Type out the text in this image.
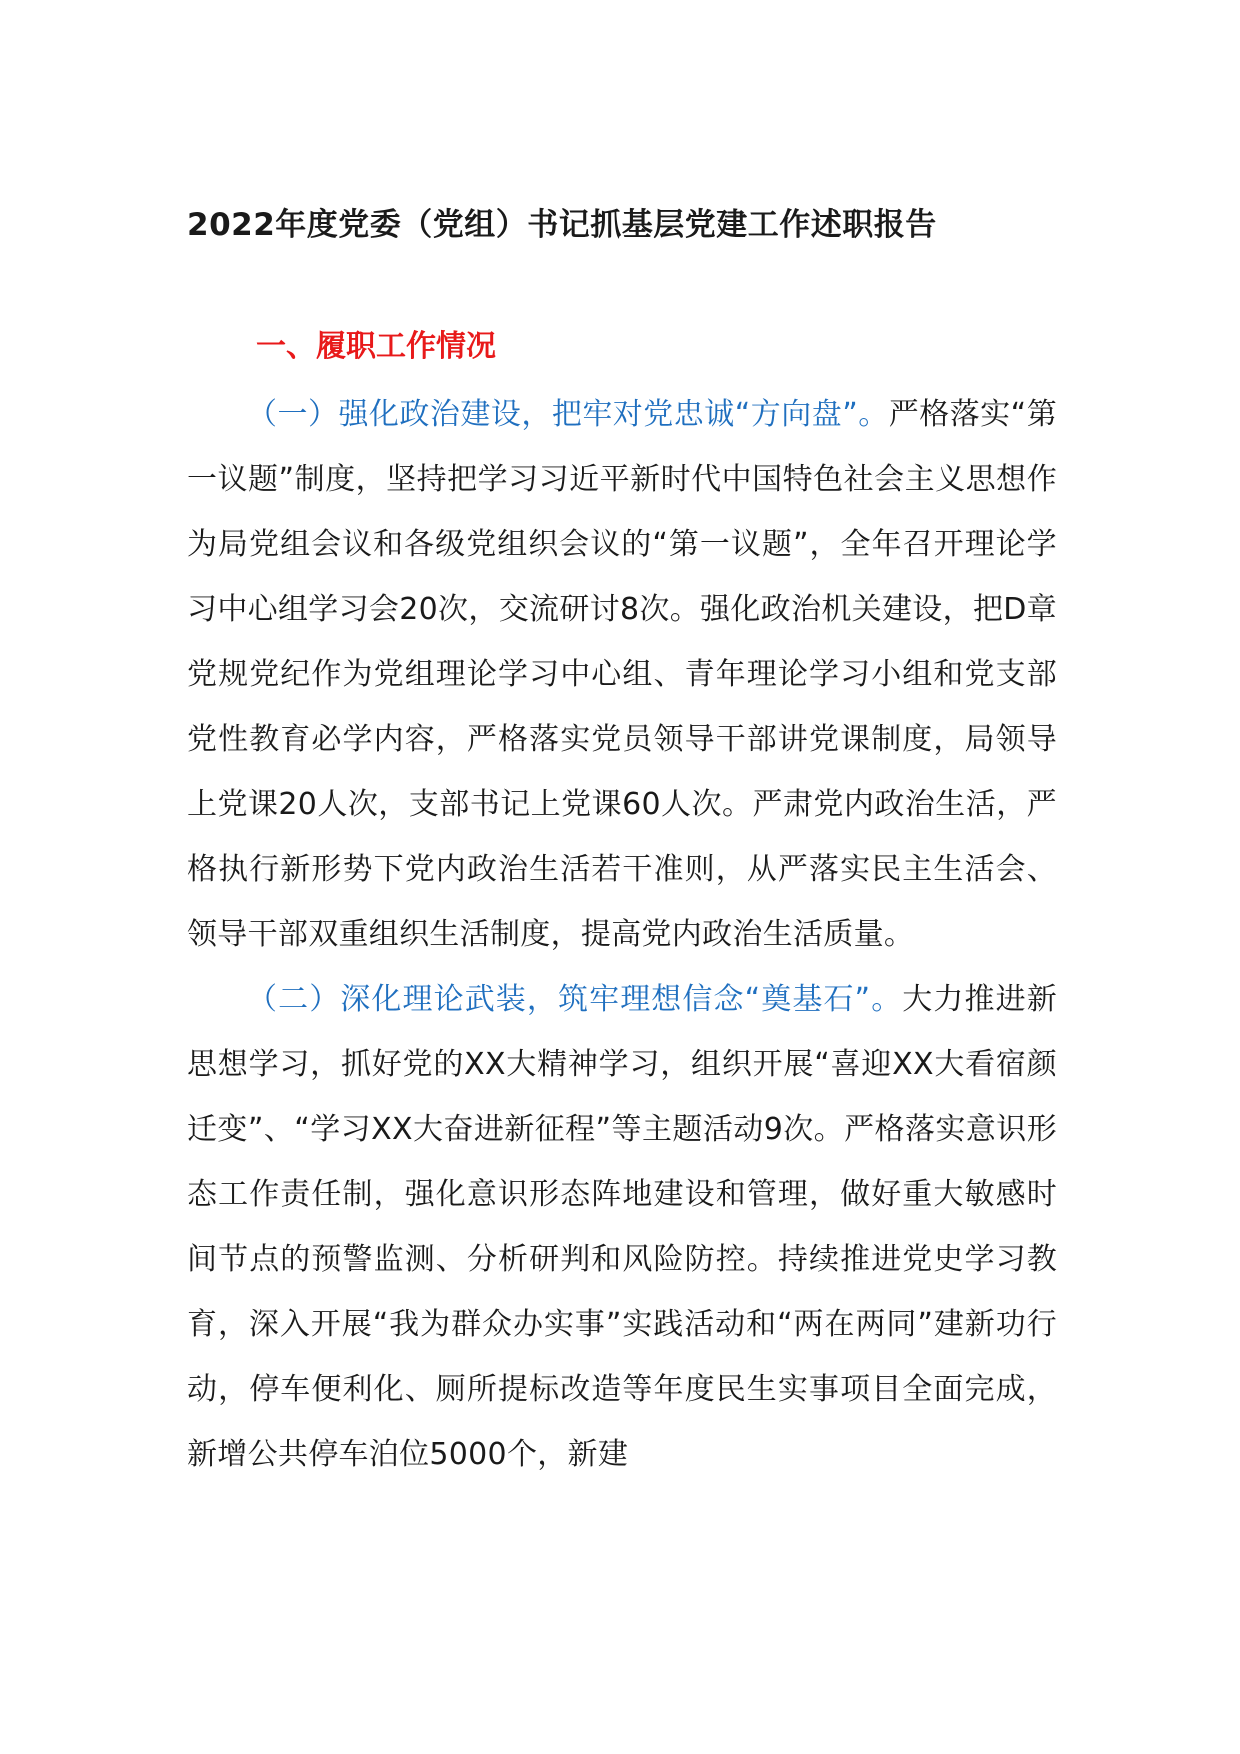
2022年度党委（党组）书记抓基层党建工作述职报告
一、履职工作情况

（一）强化政治建设，把牢对党忠诚“方向盘”。严格落实“第一议题”制度，坚持把学习习近平新时代中国特色社会主义思想作为局党组会议和各级党组织会议的“第一议题”，全年召开理论学习中心组学习会20次，交流研讨8次。强化政治机关建设，把D章党规党纪作为党组理论学习中心组、青年理论学习小组和党支部党性教育必学内容，严格落实党员领导干部讲党课制度，局领导上党课20人次，支部书记上党课60人次。严肃党内政治生活，严格执行新形势下党内政治生活若干准则，从严落实民主生活会、领导干部双重组织生活制度，提高党内政治生活质量。

（二）深化理论武装，筑牢理想信念“奠基石”。大力推进新思想学习，抓好党的XX大精神学习，组织开展“喜迎XX大看宿颜迁变”、“学习XX大奋进新征程”等主题活动9次。严格落实意识形态工作责任制，强化意识形态阵地建设和管理，做好重大敏感时间节点的预警监测、分析研判和风险防控。持续推进党史学习教育，深入开展“我为群众办实事”实践活动和“两在两同”建新功行动，停车便利化、厕所提标改造等年度民生实事项目全面完成，新增公共停车泊位5000个，新建
